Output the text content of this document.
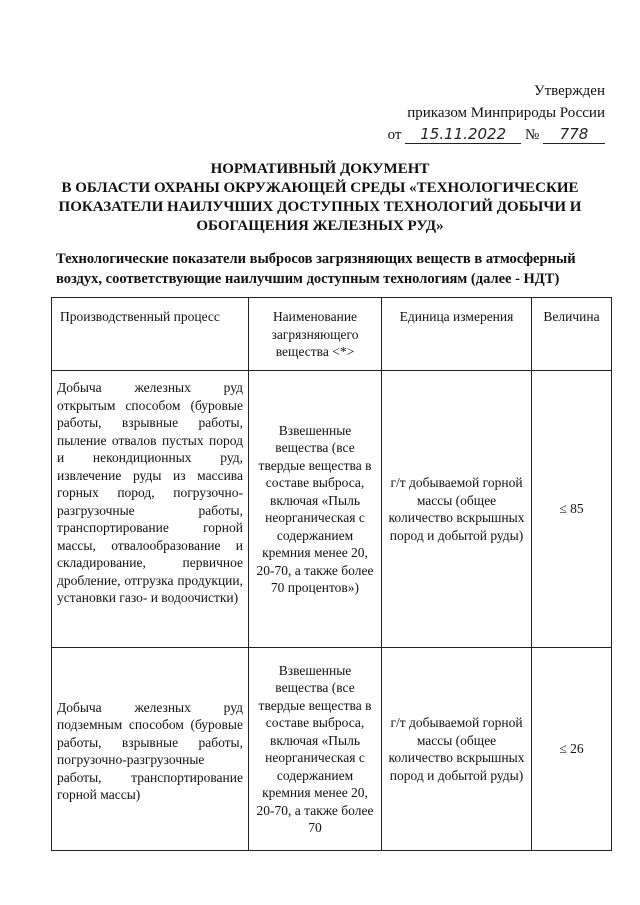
Утвержден
приказом Минприроды России
от 15.11.2022 № 778
НОРМАТИВНЫЙ ДОКУМЕНТ
В ОБЛАСТИ ОХРАНЫ ОКРУЖАЮЩЕЙ СРЕДЫ «ТЕХНОЛОГИЧЕСКИЕ
ПОКАЗАТЕЛИ НАИЛУЧШИХ ДОСТУПНЫХ ТЕХНОЛОГИЙ ДОБЫЧИ И
ОБОГАЩЕНИЯ ЖЕЛЕЗНЫХ РУД»
Технологические показатели выбросов загрязняющих веществ в атмосферный воздух, соответствующие наилучшим доступным технологиям (далее - НДТ)
Производственный процесс	Наименование загрязняющего вещества <*>	Единица измерения	Величина
Добыча железных руд открытым способом (буровые работы, взрывные работы, пыление отвалов пустых пород и некондиционных руд, извлечение руды из массива горных пород, погрузочно-разгрузочные работы, транспортирование горной массы, отвалообразование и складирование, первичное дробление, отгрузка продукции, установки газо- и водоочистки)	Взвешенные вещества (все твердые вещества в составе выброса, включая «Пыль неорганическая с содержанием кремния менее 20, 20-70, а также более 70 процентов»)	г/т добываемой горной массы (общее количество вскрышных пород и добытой руды)	≤ 85
Добыча железных руд подземным способом (буровые работы, взрывные работы, погрузочно-разгрузочные работы, транспортирование горной массы)	Взвешенные вещества (все твердые вещества в составе выброса, включая «Пыль неорганическая с содержанием кремния менее 20, 20-70, а также более 70	г/т добываемой горной массы (общее количество вскрышных пород и добытой руды)	≤ 26
